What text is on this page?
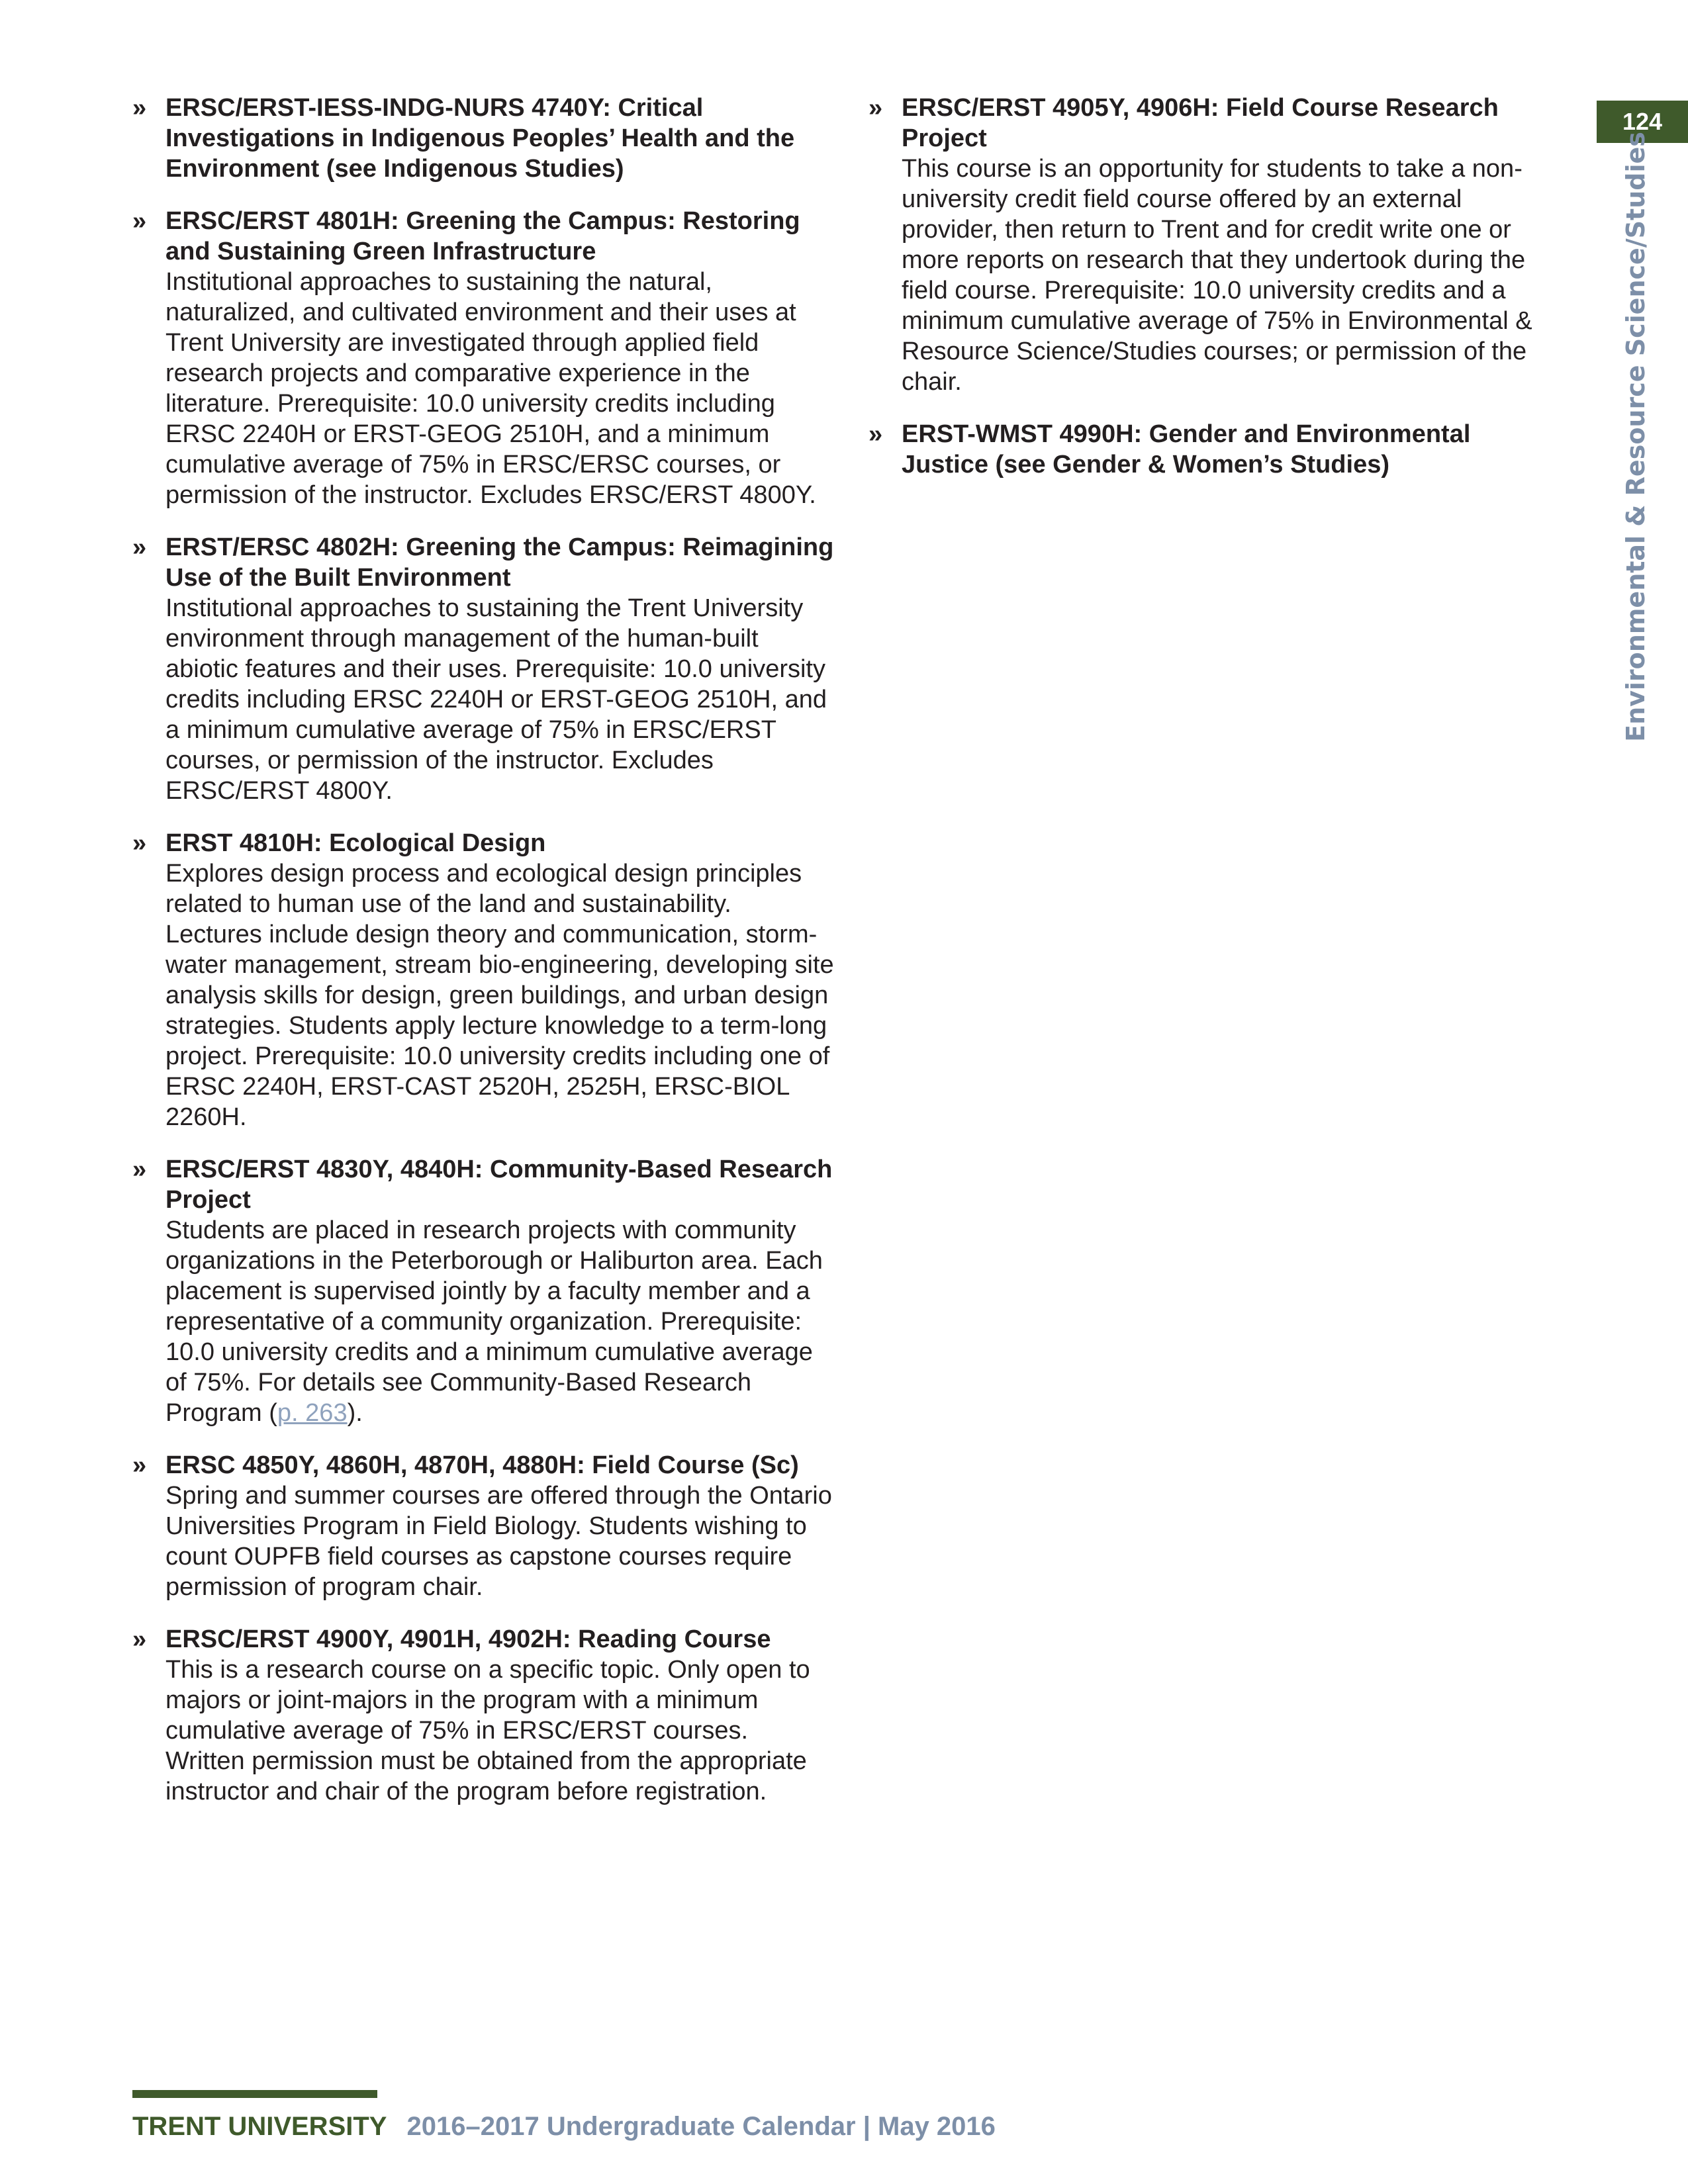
124
Environmental & Resource Science/Studies
» ERSC/ERST-IESS-INDG-NURS 4740Y: Critical Investigations in Indigenous Peoples’ Health and the Environment (see Indigenous Studies)

» ERSC/ERST 4801H: Greening the Campus: Restoring and Sustaining Green Infrastructure

Institutional approaches to sustaining the natural, naturalized, and cultivated environment and their uses at Trent University are investigated through applied field research projects and comparative experience in the literature. Prerequisite: 10.0 university credits including ERSC 2240H or ERST-GEOG 2510H, and a minimum cumulative average of 75% in ERSC/ERSC courses, or permission of the instructor. Excludes ERSC/ERST 4800Y.

» ERST/ERSC 4802H: Greening the Campus: Reimagining Use of the Built Environment

Institutional approaches to sustaining the Trent University environment through management of the human-built abiotic features and their uses. Prerequisite: 10.0 university credits including ERSC 2240H or ERST-GEOG 2510H, and a minimum cumulative average of 75% in ERSC/ERST courses, or permission of the instructor. Excludes ERSC/ERST 4800Y.

» ERST 4810H: Ecological Design

Explores design process and ecological design principles related to human use of the land and sustainability. Lectures include design theory and communication, storm-water management, stream bio-engineering, developing site analysis skills for design, green buildings, and urban design strategies. Students apply lecture knowledge to a term-long project. Prerequisite: 10.0 university credits including one of ERSC 2240H, ERST-CAST 2520H, 2525H, ERSC-BIOL 2260H.

» ERSC/ERST 4830Y, 4840H: Community-Based Research Project

Students are placed in research projects with community organizations in the Peterborough or Haliburton area. Each placement is supervised jointly by a faculty member and a representative of a community organization. Prerequisite: 10.0 university credits and a minimum cumulative average of 75%. For details see Community-Based Research Program (p. 263).

» ERSC 4850Y, 4860H, 4870H, 4880H: Field Course (Sc)

Spring and summer courses are offered through the Ontario Universities Program in Field Biology. Students wishing to count OUPFB field courses as capstone courses require permission of program chair.

» ERSC/ERST 4900Y, 4901H, 4902H: Reading Course

This is a research course on a specific topic. Only open to majors or joint-majors in the program with a minimum cumulative average of 75% in ERSC/ERST courses. Written permission must be obtained from the appropriate instructor and chair of the program before registration.

» ERSC/ERST 4905Y, 4906H: Field Course Research Project

This course is an opportunity for students to take a non-university credit field course offered by an external provider, then return to Trent and for credit write one or more reports on research that they undertook during the field course. Prerequisite: 10.0 university credits and a minimum cumulative average of 75% in Environmental & Resource Science/Studies courses; or permission of the chair.

» ERST-WMST 4990H: Gender and Environmental Justice (see Gender & Women’s Studies)

TRENT UNIVERSITY 2016–2017 Undergraduate Calendar | May 2016
